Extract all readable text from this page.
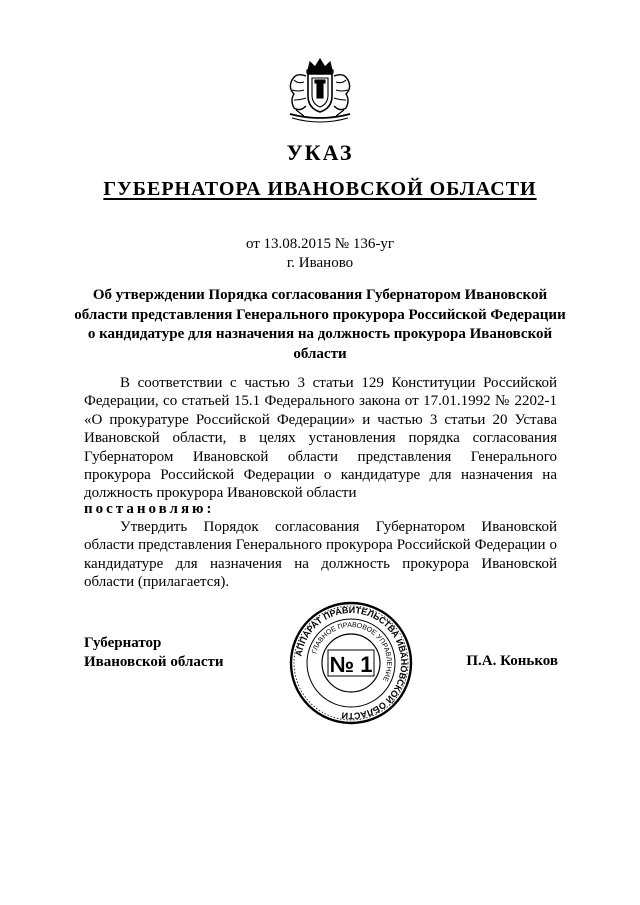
УКАЗ
ГУБЕРНАТОРА ИВАНОВСКОЙ ОБЛАСТИ
от 13.08.2015 № 136-уг
г. Иваново
Об утверждении Порядка согласования Губернатором Ивановской области представления Генерального прокурора Российской Федерации о кандидатуре для назначения на должность прокурора Ивановской области
В соответствии с частью 3 статьи 129 Конституции Российской Федерации, со статьей 15.1 Федерального закона от 17.01.1992 № 2202-1 «О прокуратуре Российской Федерации» и частью 3 статьи 20 Устава Ивановской области, в целях установления порядка согласования Губернатором Ивановской области представления Генерального прокурора Российской Федерации о кандидатуре для назначения на должность прокурора Ивановской области
постановляю:
Утвердить Порядок согласования Губернатором Ивановской области представления Генерального прокурора Российской Федерации о кандидатуре для назначения на должность прокурора Ивановской области (прилагается).
Губернатор
Ивановской области
АППАРАТ ПРАВИТЕЛЬСТВА ИВАНОВСКОЙ ОБЛАСТИ
ГЛАВНОЕ ПРАВОВОЕ УПРАВЛЕНИЕ
№ 1	П.А. Коньков
